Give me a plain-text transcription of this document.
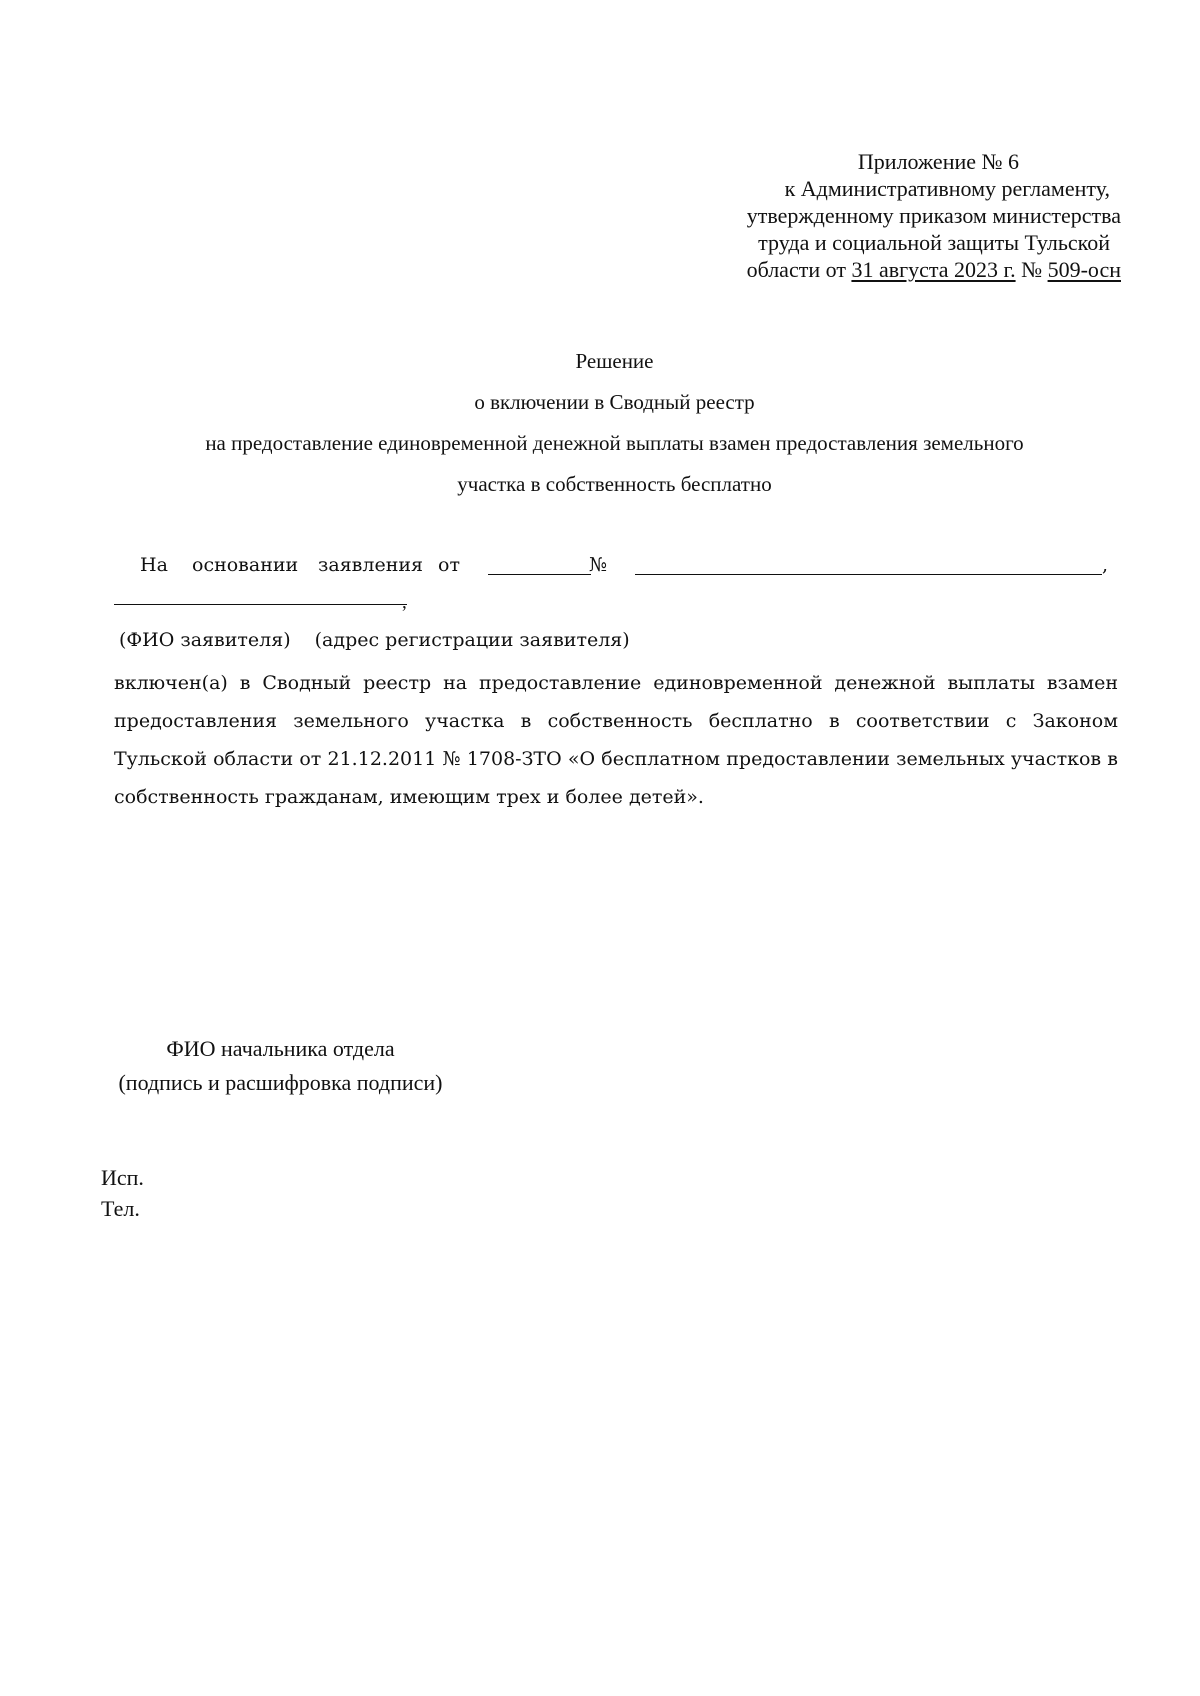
Приложение № 6
к Административному регламенту,
утвержденному приказом министерства
труда и социальной защиты Тульской
области от 31 августа 2023 г. № 509-осн
Решение
о включении в Сводный реестр
на предоставление единовременной денежной выплаты взамен предоставления земельного
участка в собственность бесплатно
На основании заявления от	№	,
,
(ФИО заявителя) (адрес регистрации заявителя)
включен(а) в Сводный реестр на предоставление единовременной денежной выплаты взамен предоставления земельного участка в собственность бесплатно в соответствии с Законом Тульской области от 21.12.2011 № 1708-ЗТО «О бесплатном предоставлении земельных участков в собственность гражданам, имеющим трех и более детей».
ФИО начальника отдела
(подпись и расшифровка подписи)
Исп.
Тел.
